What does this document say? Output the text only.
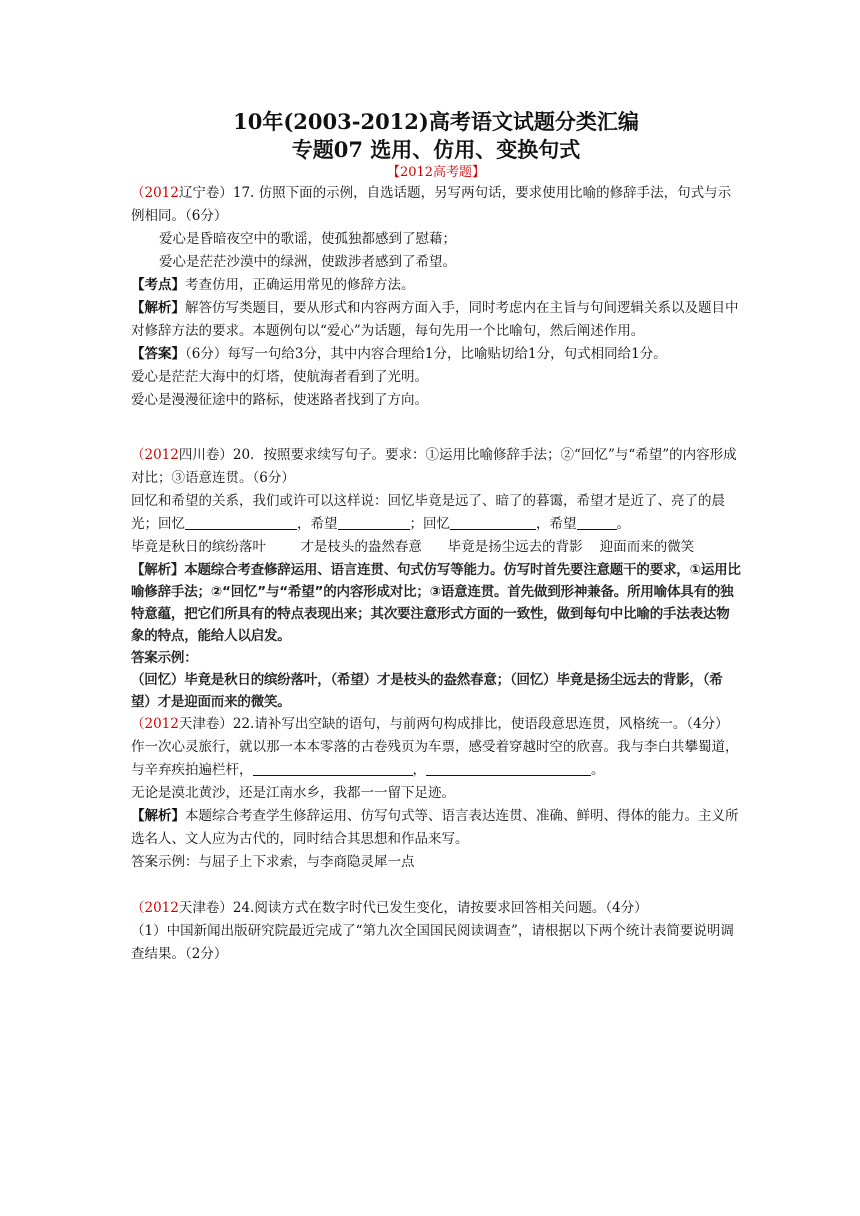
10年(2003-2012)高考语文试题分类汇编

专题07 选用、仿用、变换句式

【2012高考题】

（2012辽宁卷）17. 仿照下面的示例，自选话题，另写两句话，要求使用比喻的修辞手法，句式与示例相同。（6分）

爱心是昏暗夜空中的歌谣，使孤独都感到了慰藉；

爱心是茫茫沙漠中的绿洲，使跋涉者感到了希望。

【考点】考查仿用，正确运用常见的修辞方法。

【解析】解答仿写类题目，要从形式和内容两方面入手，同时考虑内在主旨与句间逻辑关系以及题目中对修辞方法的要求。本题例句以“爱心”为话题，每句先用一个比喻句，然后阐述作用。

【答案】（6分）每写一句给3分，其中内容合理给1分，比喻贴切给1分，句式相同给1分。

爱心是茫茫大海中的灯塔，使航海者看到了光明。

爱心是漫漫征途中的路标，使迷路者找到了方向。

（2012四川卷）20．按照要求续写句子。要求：①运用比喻修辞手法；②“回忆”与“希望”的内容形成对比；③语意连贯。（6分）

回忆和希望的关系，我们或许可以这样说：回忆毕竟是远了、暗了的暮霭，希望才是近了、亮了的晨光；回忆	，希望	；回忆	，希望	。

毕竟是秋日的缤纷落叶        才是枝头的盎然春意      毕竟是扬尘远去的背影    迎面而来的微笑

【解析】本题综合考查修辞运用、语言连贯、句式仿写等能力。仿写时首先要注意题干的要求，①运用比喻修辞手法；②“回忆”与“希望”的内容形成对比；③语意连贯。首先做到形神兼备。所用喻体具有的独特意蕴，把它们所具有的特点表现出来；其次要注意形式方面的一致性，做到每句中比喻的手法表达物象的特点，能给人以启发。

答案示例：

（回忆）毕竟是秋日的缤纷落叶，（希望）才是枝头的盎然春意；（回忆）毕竟是扬尘远去的背影，（希望）才是迎面而来的微笑。

（2012天津卷）22.请补写出空缺的语句，与前两句构成排比，使语段意思连贯，风格统一。（4分）

作一次心灵旅行，就以那一本本零落的古卷残页为车票，感受着穿越时空的欣喜。我与李白共攀蜀道，与辛弃疾拍遍栏杆，	，	。

无论是漠北黄沙，还是江南水乡，我都一一留下足迹。

【解析】本题综合考查学生修辞运用、仿写句式等、语言表达连贯、准确、鲜明、得体的能力。主义所选名人、文人应为古代的，同时结合其思想和作品来写。

答案示例：与屈子上下求索，与李商隐灵犀一点

（2012天津卷）24.阅读方式在数字时代已发生变化，请按要求回答相关问题。（4分）

（1）中国新闻出版研究院最近完成了“第九次全国国民阅读调查”，请根据以下两个统计表简要说明调查结果。（2分）
